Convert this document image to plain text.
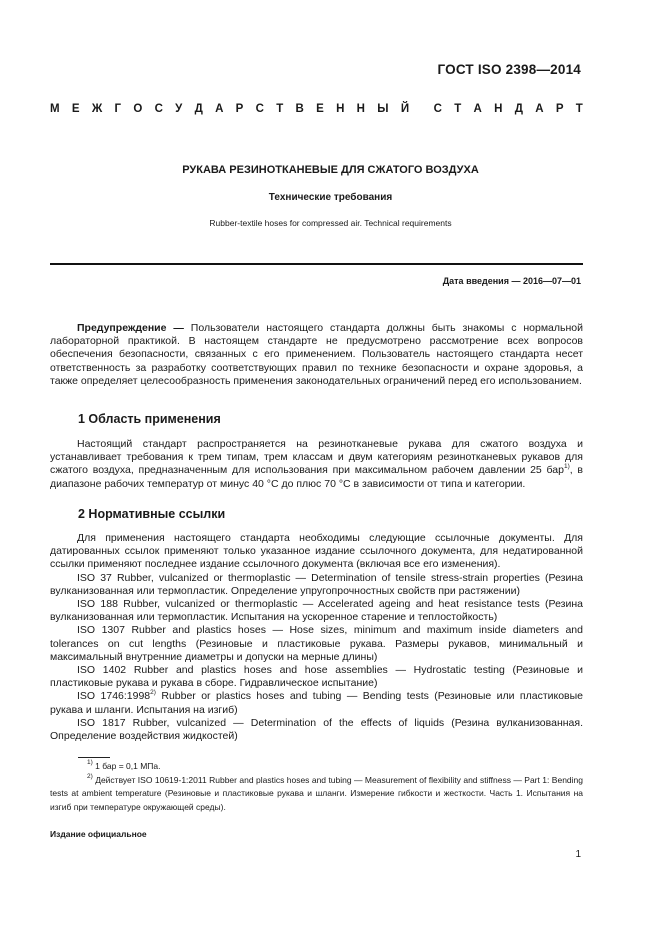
ГОСТ ISO 2398—2014
М Е Ж Г О С У Д А Р С Т В Е Н Н Ы Й С Т А Н Д А Р Т
РУКАВА РЕЗИНОТКАНЕВЫЕ ДЛЯ СЖАТОГО ВОЗДУХА
Технические требования
Rubber-textile hoses for compressed air. Technical requirements
Дата введения — 2016—07—01

Предупреждение — Пользователи настоящего стандарта должны быть знакомы с нормальной лабораторной практикой. В настоящем стандарте не предусмотрено рассмотрение всех вопросов обеспечения безопасности, связанных с его применением. Пользователь настоящего стандарта несет ответственность за разработку соответствующих правил по технике безопасности и охране здоровья, а также определяет целесообразность применения законодательных ограничений перед его использованием.

1 Область применения

Настоящий стандарт распространяется на резинотканевые рукава для сжатого воздуха и устанавливает требования к трем типам, трем классам и двум категориям резинотканевых рукавов для сжатого воздуха, предназначенным для использования при максимальном рабочем давлении 25 бар$^{1)}$, в диапазоне рабочих температур от минус 40 °С до плюс 70 °С в зависимости от типа и категории.

2 Нормативные ссылки

Для применения настоящего стандарта необходимы следующие ссылочные документы. Для датированных ссылок применяют только указанное издание ссылочного документа, для недатированной ссылки применяют последнее издание ссылочного документа (включая все его изменения).

ISO 37 Rubber, vulcanized or thermoplastic — Determination of tensile stress-strain properties (Резина вулканизованная или термопластик. Определение упругопрочностных свойств при растяжении)

ISO 188 Rubber, vulcanized or thermoplastic — Accelerated ageing and heat resistance tests (Резина вулканизованная или термопластик. Испытания на ускоренное старение и теплостойкость)

ISO 1307 Rubber and plastics hoses — Hose sizes, minimum and maximum inside diameters and tolerances on cut lengths (Резиновые и пластиковые рукава. Размеры рукавов, минимальный и максимальный внутренние диаметры и допуски на мерные длины)

ISO 1402 Rubber and plastics hoses and hose assemblies — Hydrostatic testing (Резиновые и пластиковые рукава и рукава в сборе. Гидравлическое испытание)

ISO 1746:1998$^{2)}$ Rubber or plastics hoses and tubing — Bending tests (Резиновые или пластиковые рукава и шланги. Испытания на изгиб)

ISO 1817 Rubber, vulcanized — Determination of the effects of liquids (Резина вулканизованная. Определение воздействия жидкостей)

$^{1)}$ 1 бар = 0,1 МПа.

$^{2)}$ Действует ISO 10619-1:2011 Rubber and plastics hoses and tubing — Measurement of flexibility and stiffness — Part 1: Bending tests at ambient temperature (Резиновые и пластиковые рукава и шланги. Измерение гибкости и жесткости. Часть 1. Испытания на изгиб при температуре окружающей среды).

Издание официальное
1
